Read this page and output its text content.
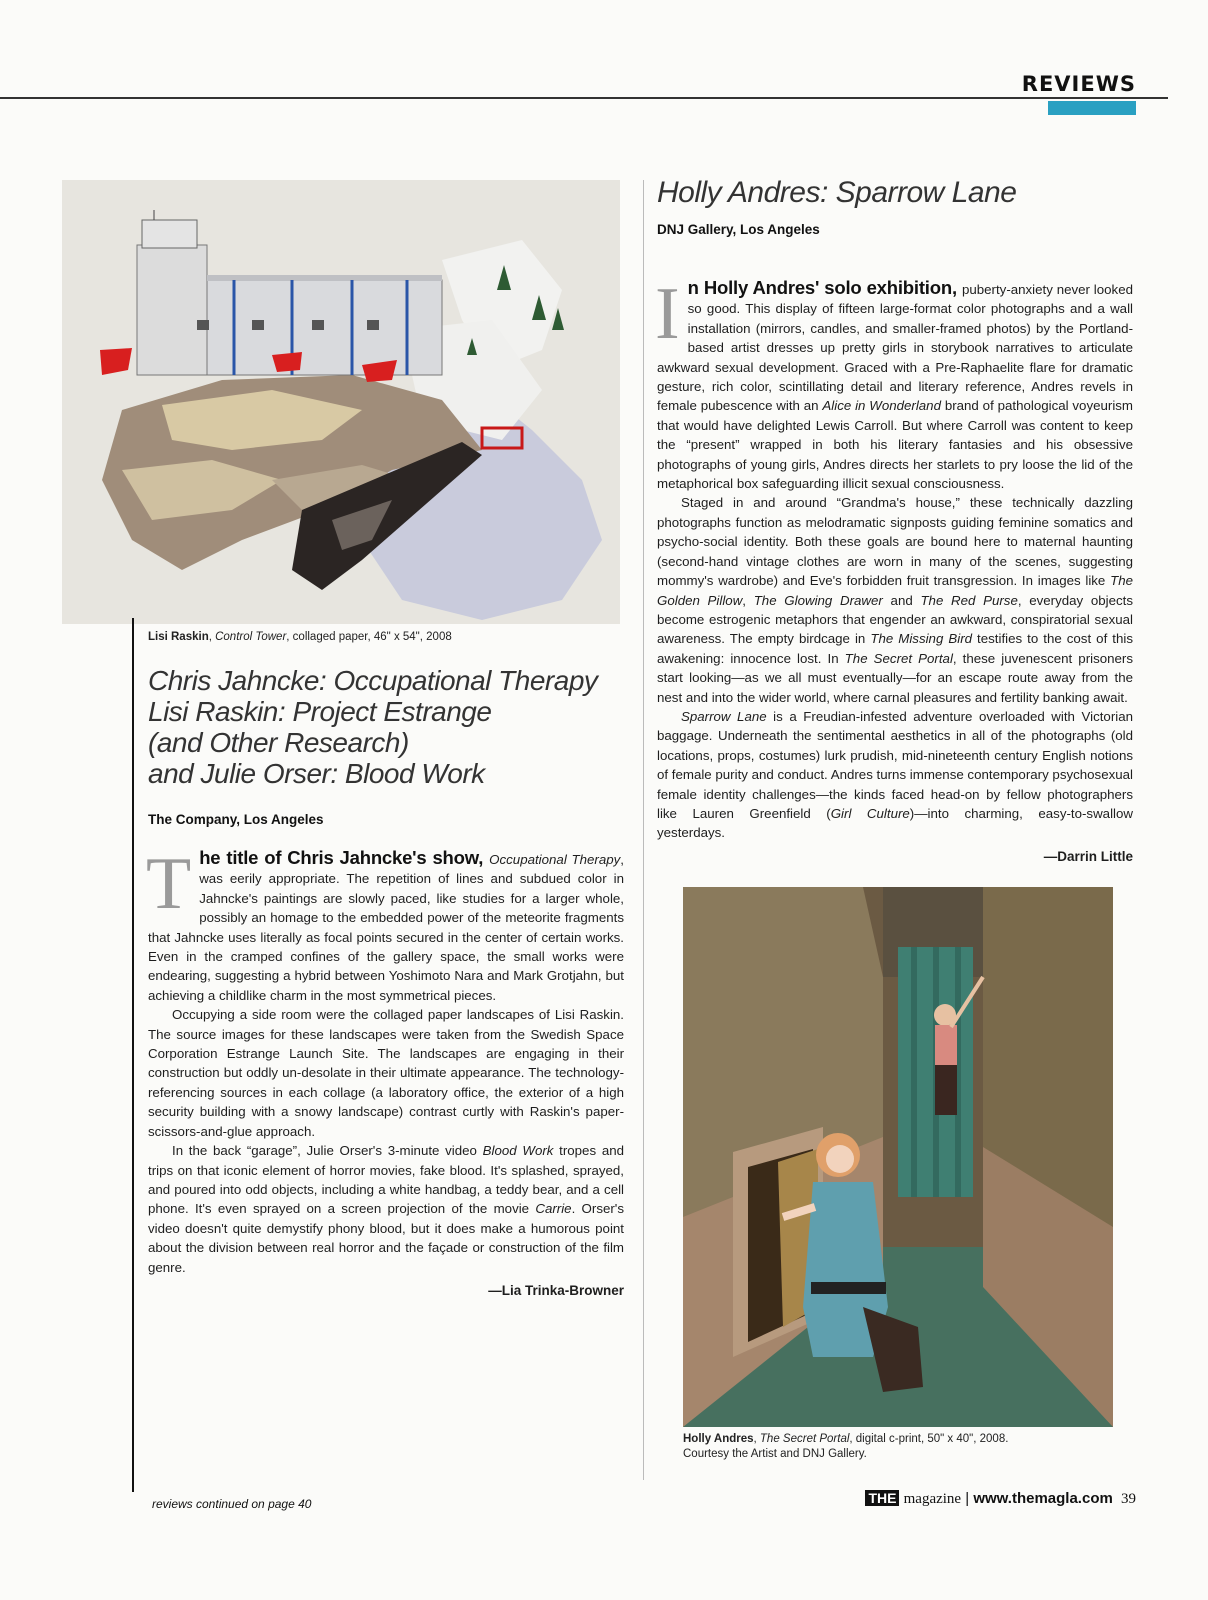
REVIEWS
Lisi Raskin, Control Tower, collaged paper, 46" x 54", 2008
Chris Jahncke: Occupational Therapy
Lisi Raskin: Project Estrange
(and Other Research)
and Julie Orser: Blood Work
The Company, Los Angeles

The title of Chris Jahncke's show, Occupational Therapy, was eerily appropriate. The repetition of lines and subdued color in Jahncke's paintings are slowly paced, like studies for a larger whole, possibly an homage to the embedded power of the meteorite fragments that Jahncke uses literally as focal points secured in the center of certain works. Even in the cramped confines of the gallery space, the small works were endearing, suggesting a hybrid between Yoshimoto Nara and Mark Grotjahn, but achieving a childlike charm in the most symmetrical pieces.

Occupying a side room were the collaged paper landscapes of Lisi Raskin. The source images for these landscapes were taken from the Swedish Space Corporation Estrange Launch Site. The landscapes are engaging in their construction but oddly un-desolate in their ultimate appearance. The technology-referencing sources in each collage (a laboratory office, the exterior of a high security building with a snowy landscape) contrast curtly with Raskin's paper-scissors-and-glue approach.

In the back “garage”, Julie Orser's 3-minute video Blood Work tropes and trips on that iconic element of horror movies, fake blood. It's splashed, sprayed, and poured into odd objects, including a white handbag, a teddy bear, and a cell phone. It's even sprayed on a screen projection of the movie Carrie. Orser's video doesn't quite demystify phony blood, but it does make a humorous point about the division between real horror and the façade or construction of the film genre.

—Lia Trinka-Browner
Holly Andres: Sparrow Lane
DNJ Gallery, Los Angeles

In Holly Andres' solo exhibition, puberty-anxiety never looked so good. This display of fifteen large-format color photographs and a wall installation (mirrors, candles, and smaller-framed photos) by the Portland-based artist dresses up pretty girls in storybook narratives to articulate awkward sexual development. Graced with a Pre-Raphaelite flare for dramatic gesture, rich color, scintillating detail and literary reference, Andres revels in female pubescence with an Alice in Wonderland brand of pathological voyeurism that would have delighted Lewis Carroll. But where Carroll was content to keep the “present” wrapped in both his literary fantasies and his obsessive photographs of young girls, Andres directs her starlets to pry loose the lid of the metaphorical box safeguarding illicit sexual consciousness.

Staged in and around “Grandma's house,” these technically dazzling photographs function as melodramatic signposts guiding feminine somatics and psycho-social identity. Both these goals are bound here to maternal haunting (second-hand vintage clothes are worn in many of the scenes, suggesting mommy's wardrobe) and Eve's forbidden fruit transgression. In images like The Golden Pillow, The Glowing Drawer and The Red Purse, everyday objects become estrogenic metaphors that engender an awkward, conspiratorial sexual awareness. The empty birdcage in The Missing Bird testifies to the cost of this awakening: innocence lost. In The Secret Portal, these juvenescent prisoners start looking—as we all must eventually—for an escape route away from the nest and into the wider world, where carnal pleasures and fertility banking await.

Sparrow Lane is a Freudian-infested adventure overloaded with Victorian baggage. Underneath the sentimental aesthetics in all of the photographs (old locations, props, costumes) lurk prudish, mid-nineteenth century English notions of female purity and conduct. Andres turns immense contemporary psychosexual female identity challenges—the kinds faced head-on by fellow photographers like Lauren Greenfield (Girl Culture)—into charming, easy-to-swallow yesterdays.

—Darrin Little
Holly Andres, The Secret Portal, digital c-print, 50" x 40", 2008.
Courtesy the Artist and DNJ Gallery.
reviews continued on page 40	THE magazine | www.themagla.com 39
